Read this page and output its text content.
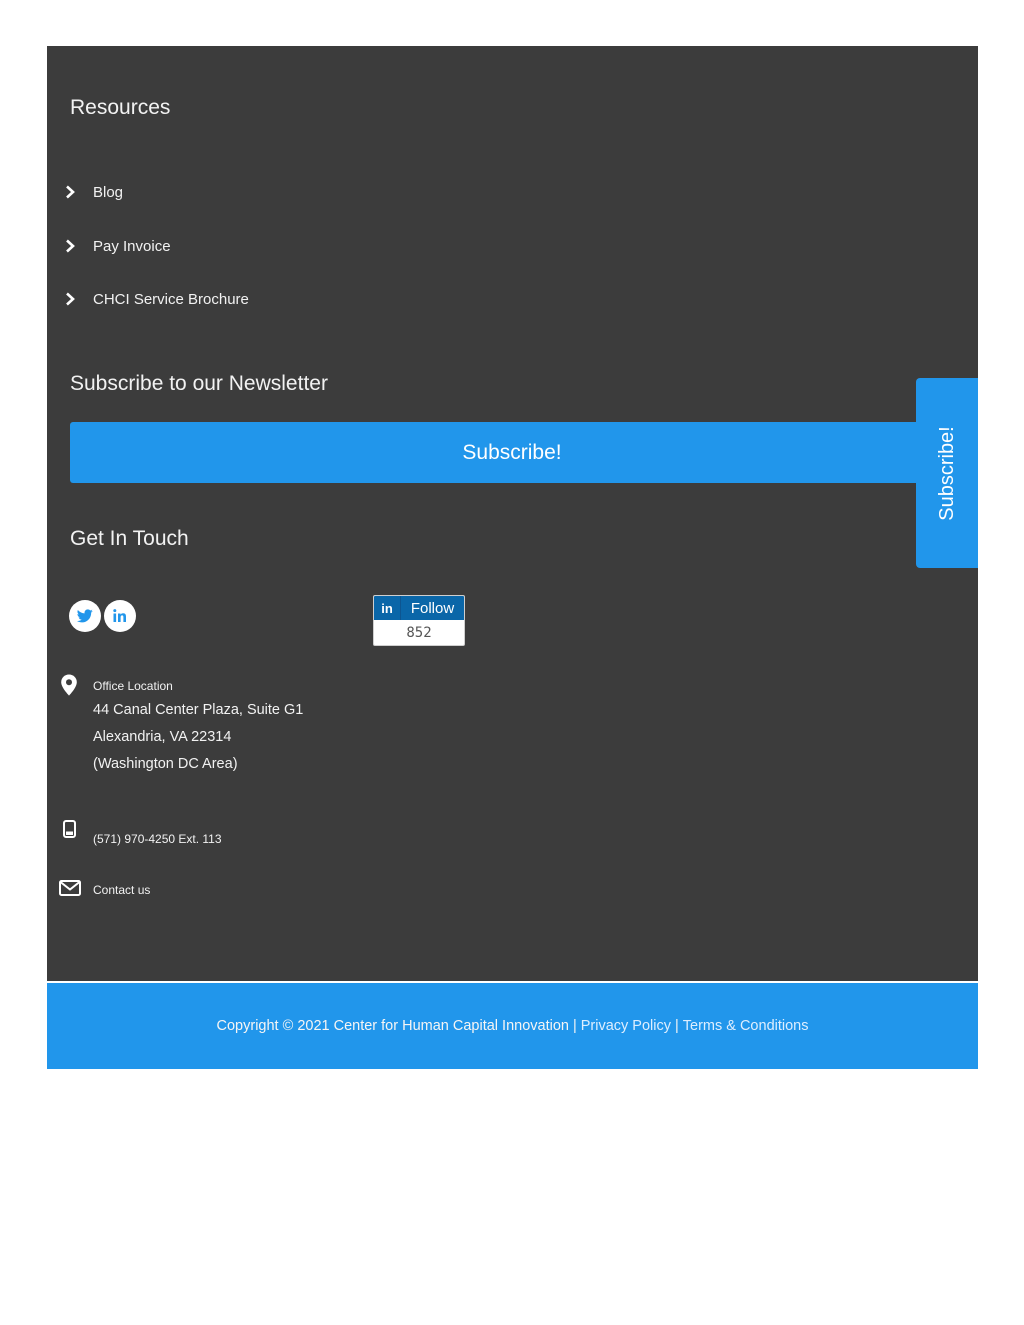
Resources
Blog
Pay Invoice
CHCI Service Brochure
Subscribe to our Newsletter
Subscribe!
Get In Touch
in	Follow
852
Office Location
44 Canal Center Plaza, Suite G1
Alexandria, VA 22314
(Washington DC Area)
(571) 970-4250 Ext. 113
Contact us
Copyright © 2021 Center for Human Capital Innovation | Privacy Policy | Terms & Conditions
Subscribe!
